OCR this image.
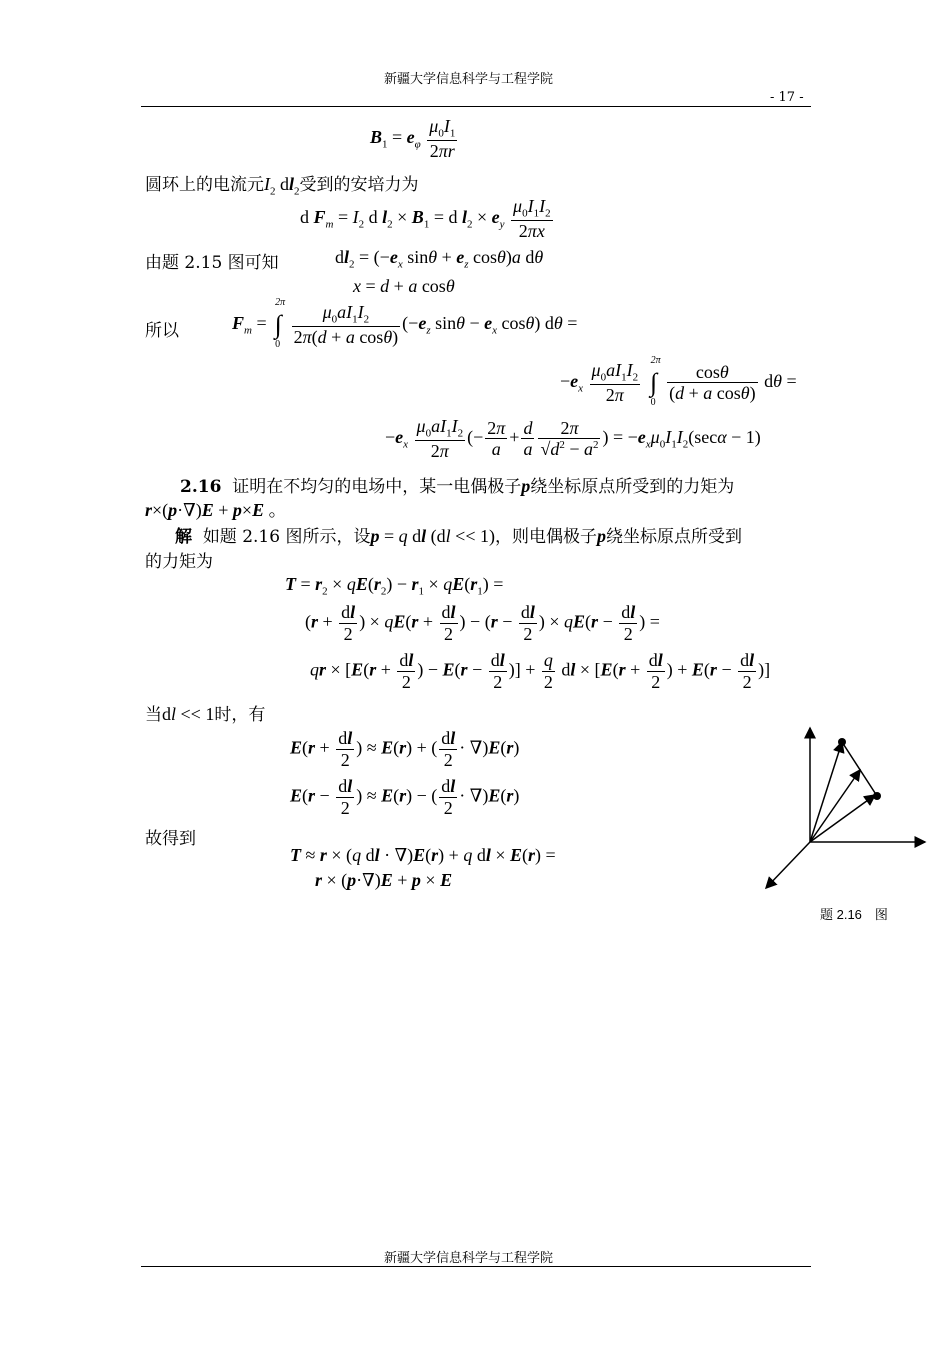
新疆大学信息科学与工程学院
- 17 -
$B_1 = e_\varphi \frac{\mu_0I_1}{2\pi r}$
圆环上的电流元$I_2$ $dl_2$受到的安培力为
d $F_m = I_2$ d $l_2 \times B_1 = d$ $l_2 \times e_y \frac{\mu_0I_1I_2}{2\pi x}$
由题 2.15 图可知	$dl_2 = (-e_x$ $\sin\theta + e_z$ cosθ)a dθ
x = d + a cosθ
所以	$F_m$ =
2π
∫
0
$\frac{\mu_0aI_1I_2}{\text{2π(d + a cosθ)}} (-e_z$ $\sin\theta - e_x$ cosθ) dθ =
$-e_x \frac{\mu_0aI_1I_2}{2\pi}$
2π
∫
0
$\frac{\cos\theta}{\text{(d + a cosθ)}}$ dθ =
$-e_x \frac{\mu_0aI_1I_2}{2\pi}$ (− $\frac{2\pi}{a} + \frac{d}{a} \frac{2\pi}{√d^2 - a^2}$ ) = $-e_x\mu_0I_1I_2(\sec\alpha - 1)$
2.16 证明在不均匀的电场中，某一电偶极子p绕坐标原点所受到的力矩为
r×(p·∇)E + p×E 。
解 如题 2.16 图所示，设p = q dl (dl << 1)，则电偶极子p绕坐标原点所受到
的力矩为
$T = r_2 \times qE(r_2) - r_1 \times qE(r_1)$ =
($r + \frac{dl}{2}$ ) × $qE(r + \frac{dl}{2}$ ) − ($r - \frac{dl}{2}$ ) × $qE(r - \frac{dl}{2}$ ) =
qr × [$E(r + \frac{dl}{2}$ ) − $E(r - \frac{dl}{2}$ )] + $\frac{q}{2}$ dl × [$E(r + \frac{dl}{2}$ ) + $E(r - \frac{dl}{2}$ )]
当dl << 1时，有
$E(r + \frac{dl}{2}$ ) ≈ E(r) + ( $\frac{dl}{2} \cdot \nabla)E(r)$
$E(r - \frac{dl}{2}$ ) ≈ E(r) − ( $\frac{dl}{2} \cdot \nabla)E(r)$
故得到
T ≈ r × (q dl · ∇)E(r) + q dl × E(r) =
r × (p·∇)E + p × E
题 2.16　图
新疆大学信息科学与工程学院
